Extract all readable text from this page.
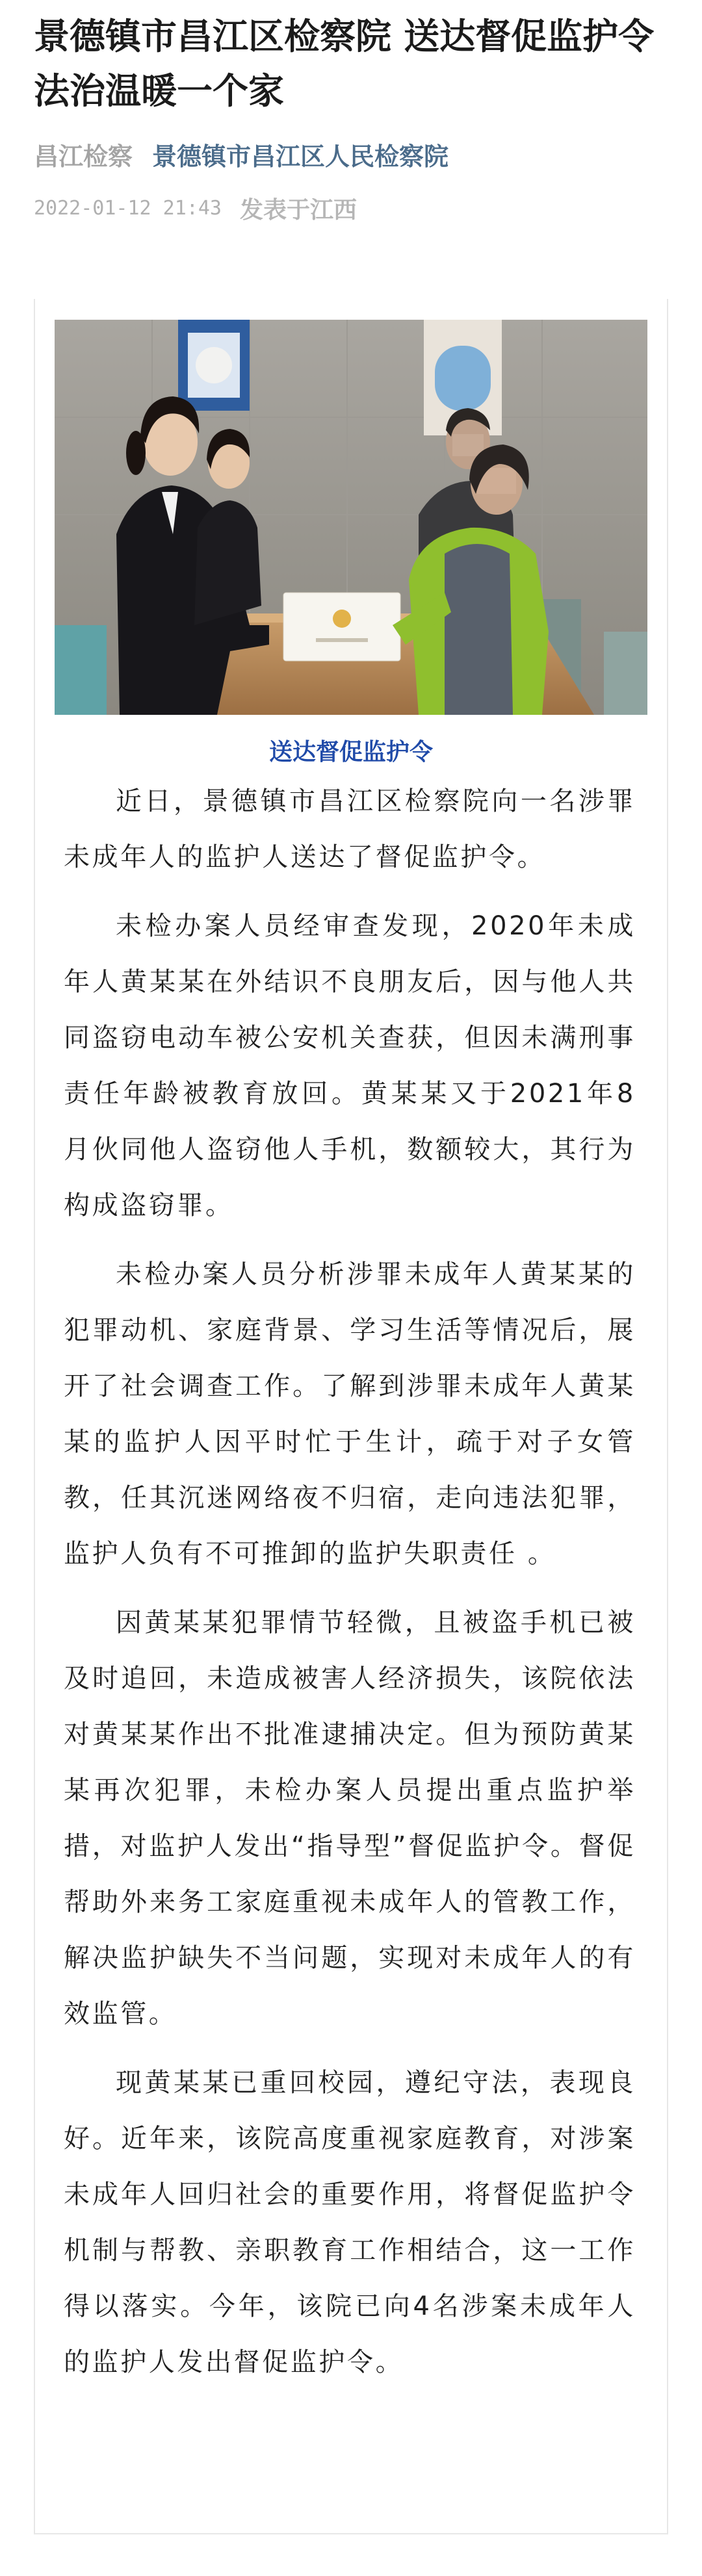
景德镇市昌江区检察院 送达督促监护令 法治温暖一个家
昌江检察 景德镇市昌江区人民检察院
2022-01-12 21:43 发表于江西
送达督促监护令

近日，景德镇市昌江区检察院向一名涉罪未成年人的监护人送达了督促监护令。

未检办案人员经审查发现，2020年未成年人黄某某在外结识不良朋友后，因与他人共同盗窃电动车被公安机关查获，但因未满刑事责任年龄被教育放回。黄某某又于2021年8月伙同他人盗窃他人手机，数额较大，其行为构成盗窃罪。

未检办案人员分析涉罪未成年人黄某某的犯罪动机、家庭背景、学习生活等情况后，展开了社会调查工作。了解到涉罪未成年人黄某某的监护人因平时忙于生计，疏于对子女管教，任其沉迷网络夜不归宿，走向违法犯罪，监护人负有不可推卸的监护失职责任 。

因黄某某犯罪情节轻微，且被盗手机已被及时追回，未造成被害人经济损失，该院依法对黄某某作出不批准逮捕决定。但为预防黄某某再次犯罪，未检办案人员提出重点监护举措，对监护人发出“指导型”督促监护令。督促帮助外来务工家庭重视未成年人的管教工作，解决监护缺失不当问题，实现对未成年人的有效监管。

现黄某某已重回校园，遵纪守法，表现良好。近年来，该院高度重视家庭教育，对涉案未成年人回归社会的重要作用，将督促监护令机制与帮教、亲职教育工作相结合，这一工作得以落实。今年，该院已向4名涉案未成年人的监护人发出督促监护令。
